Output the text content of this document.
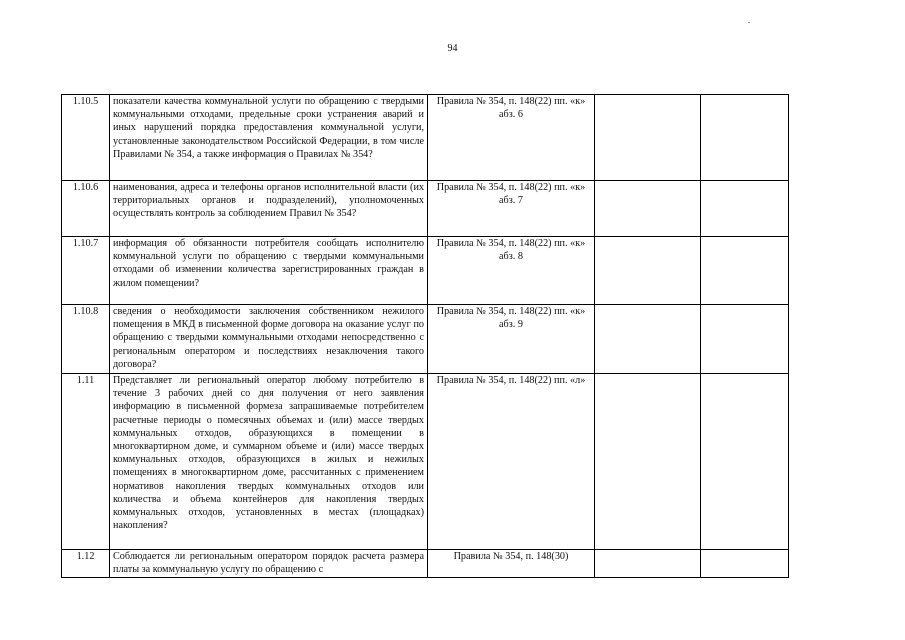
94
1.10.5	показатели качества коммунальной услуги по обращению с твердыми коммунальными отходами, предельные сроки устранения аварий и иных нарушений порядка предоставления коммунальной услуги, установленные законодательством Российской Федерации, в том числе Правилами № 354, а также информация о Правилах № 354?	Правила № 354, п. 148(22) пп. «к» абз. 6		
1.10.6	наименования, адреса и телефоны органов исполнительной власти (их территориальных органов и подразделений), уполномоченных осуществлять контроль за соблюдением Правил № 354?	Правила № 354, п. 148(22) пп. «к» абз. 7		
1.10.7	информация об обязанности потребителя сообщать исполнителю коммунальной услуги по обращению с твердыми коммунальными отходами об изменении количества зарегистрированных граждан в жилом помещении?	Правила № 354, п. 148(22) пп. «к» абз. 8		
1.10.8	сведения о необходимости заключения собственником нежилого помещения в МКД в письменной форме договора на оказание услуг по обращению с твердыми коммунальными отходами непосредственно с региональным оператором и последствиях незаключения такого договора?	Правила № 354, п. 148(22) пп. «к» абз. 9		
1.11	Представляет ли региональный оператор любому потребителю в течение 3 рабочих дней со дня получения от него заявления информацию в письменной формеза запрашиваемые потребителем расчетные периоды о помесячных объемах и (или) массе твердых коммунальных отходов, образующихся в помещении в многоквартирном доме, и суммарном объеме и (или) массе твердых коммунальных отходов, образующихся в жилых и нежилых помещениях в многоквартирном доме, рассчитанных с применением нормативов накопления твердых коммунальных отходов или количества и объема контейнеров для накопления твердых коммунальных отходов, установленных в местах (площадках) накопления?	Правила № 354, п. 148(22) пп. «л»		
1.12	Соблюдается ли региональным оператором порядок расчета размера платы за коммунальную услугу по обращению с	Правила № 354, п. 148(30)		
